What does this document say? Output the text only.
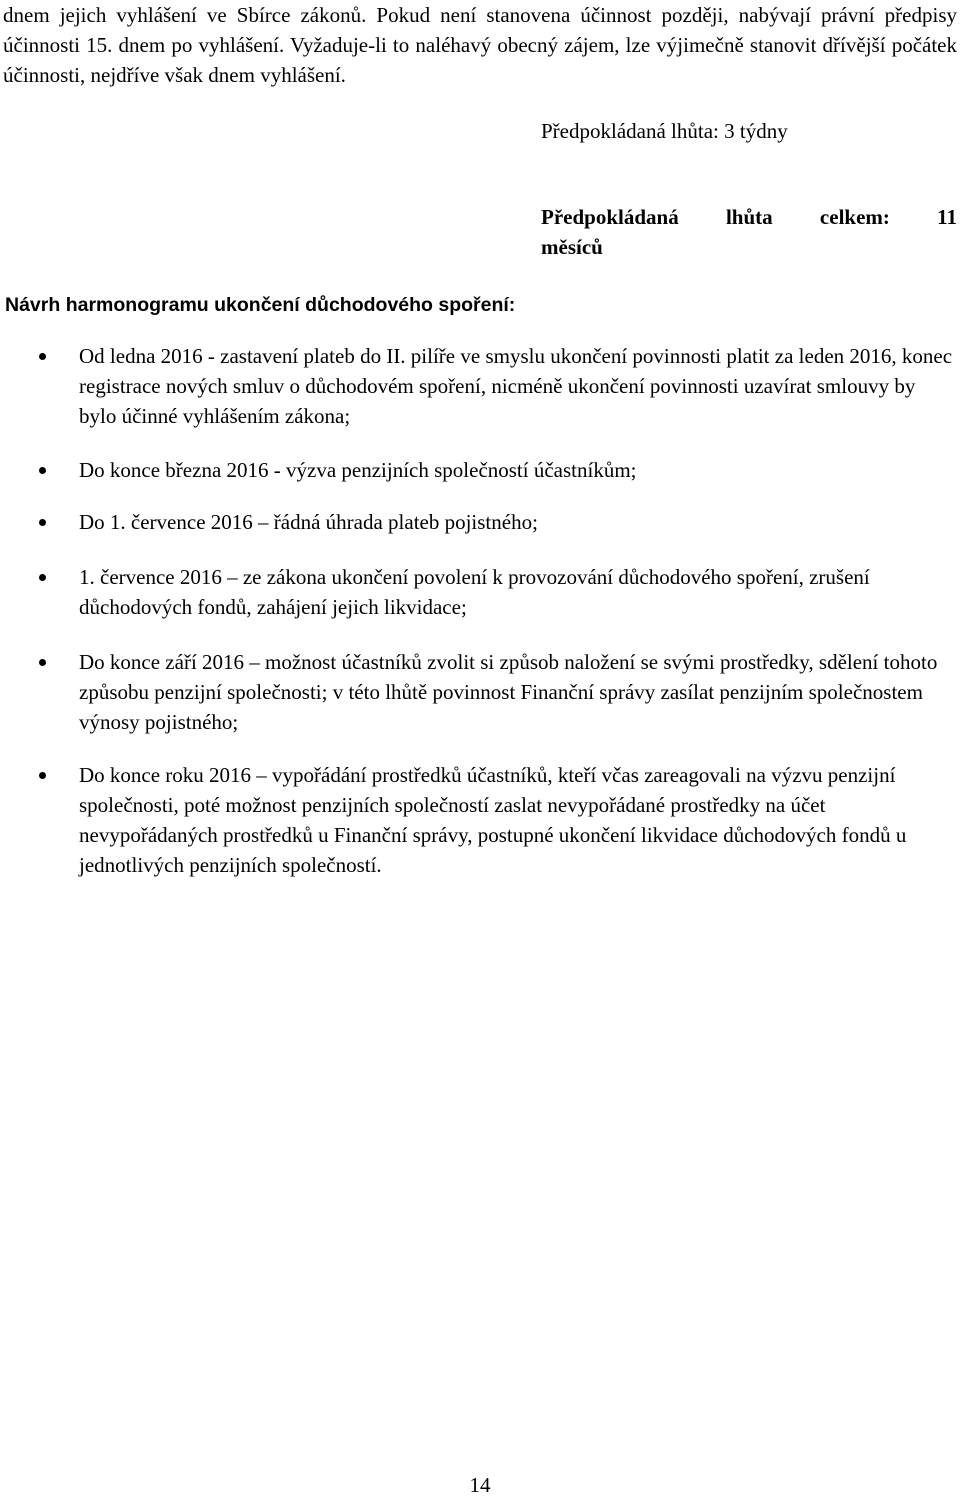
dnem jejich vyhlášení ve Sbírce zákonů. Pokud není stanovena účinnost později, nabývají právní předpisy účinnosti 15. dnem po vyhlášení. Vyžaduje-li to naléhavý obecný zájem, lze výjimečně stanovit dřívější počátek účinnosti, nejdříve však dnem vyhlášení.

Předpokládaná lhůta: 3 týdny

Předpokládaná lhůta celkem: 11
měsíců

Návrh harmonogramu ukončení důchodového spoření:

Od ledna 2016 - zastavení plateb do II. pilíře ve smyslu ukončení povinnosti platit za leden 2016, konec registrace nových smluv o důchodovém spoření, nicméně ukončení povinnosti uzavírat smlouvy by bylo účinné vyhlášením zákona;
Do konce března 2016 - výzva penzijních společností účastníkům;
Do 1. července 2016 – řádná úhrada plateb pojistného;
1. července 2016 – ze zákona ukončení povolení k provozování důchodového spoření, zrušení důchodových fondů, zahájení jejich likvidace;
Do konce září 2016 – možnost účastníků zvolit si způsob naložení se svými prostředky, sdělení tohoto způsobu penzijní společnosti; v této lhůtě povinnost Finanční správy zasílat penzijním společnostem výnosy pojistného;
Do konce roku 2016 – vypořádání prostředků účastníků, kteří včas zareagovali na výzvu penzijní společnosti, poté možnost penzijních společností zaslat nevypořádané prostředky na účet nevypořádaných prostředků u Finanční správy, postupné ukončení likvidace důchodových fondů u jednotlivých penzijních společností.
14
